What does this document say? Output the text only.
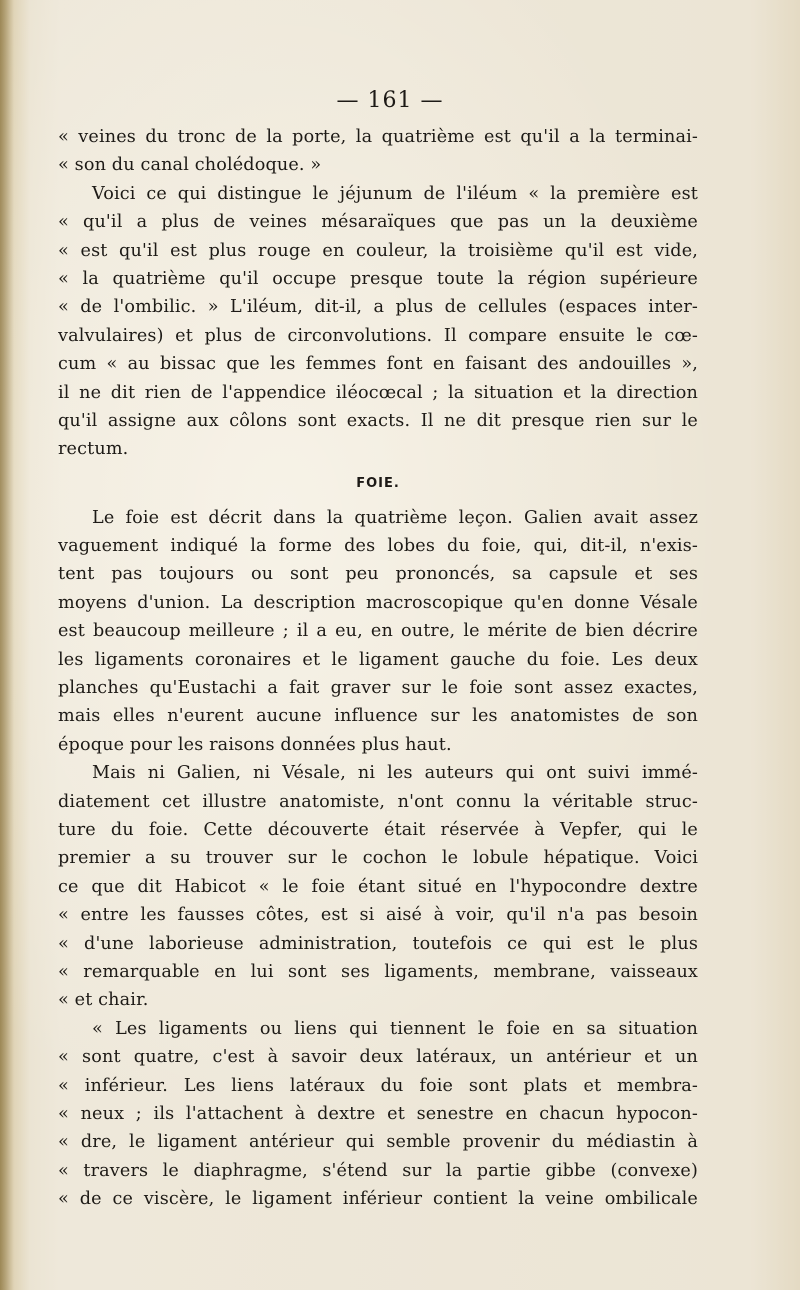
— 161 —
« veines du tronc de la porte, la quatrième est qu'il a la terminai-
« son du canal cholédoque. »
Voici ce qui distingue le jéjunum de l'iléum « la première est
« qu'il a plus de veines mésaraïques que pas un la deuxième
« est qu'il est plus rouge en couleur, la troisième qu'il est vide,
« la quatrième qu'il occupe presque toute la région supérieure
« de l'ombilic. » L'iléum, dit-il, a plus de cellules (espaces inter-
valvulaires) et plus de circonvolutions. Il compare ensuite le cœ-
cum « au bissac que les femmes font en faisant des andouilles »,
il ne dit rien de l'appendice iléocœcal ; la situation et la direction
qu'il assigne aux côlons sont exacts. Il ne dit presque rien sur le
rectum.
FOIE.
Le foie est décrit dans la quatrième leçon. Galien avait assez
vaguement indiqué la forme des lobes du foie, qui, dit-il, n'exis-
tent pas toujours ou sont peu prononcés, sa capsule et ses
moyens d'union. La description macroscopique qu'en donne Vésale
est beaucoup meilleure ; il a eu, en outre, le mérite de bien décrire
les ligaments coronaires et le ligament gauche du foie. Les deux
planches qu'Eustachi a fait graver sur le foie sont assez exactes,
mais elles n'eurent aucune influence sur les anatomistes de son
époque pour les raisons données plus haut.
Mais ni Galien, ni Vésale, ni les auteurs qui ont suivi immé-
diatement cet illustre anatomiste, n'ont connu la véritable struc-
ture du foie. Cette découverte était réservée à Vepfer, qui le
premier a su trouver sur le cochon le lobule hépatique. Voici
ce que dit Habicot « le foie étant situé en l'hypocondre dextre
« entre les fausses côtes, est si aisé à voir, qu'il n'a pas besoin
« d'une laborieuse administration, toutefois ce qui est le plus
« remarquable en lui sont ses ligaments, membrane, vaisseaux
« et chair.
« Les ligaments ou liens qui tiennent le foie en sa situation
« sont quatre, c'est à savoir deux latéraux, un antérieur et un
« inférieur. Les liens latéraux du foie sont plats et membra-
« neux ; ils l'attachent à dextre et senestre en chacun hypocon-
« dre, le ligament antérieur qui semble provenir du médiastin à
« travers le diaphragme, s'étend sur la partie gibbe (convexe)
« de ce viscère, le ligament inférieur contient la veine ombilicale
